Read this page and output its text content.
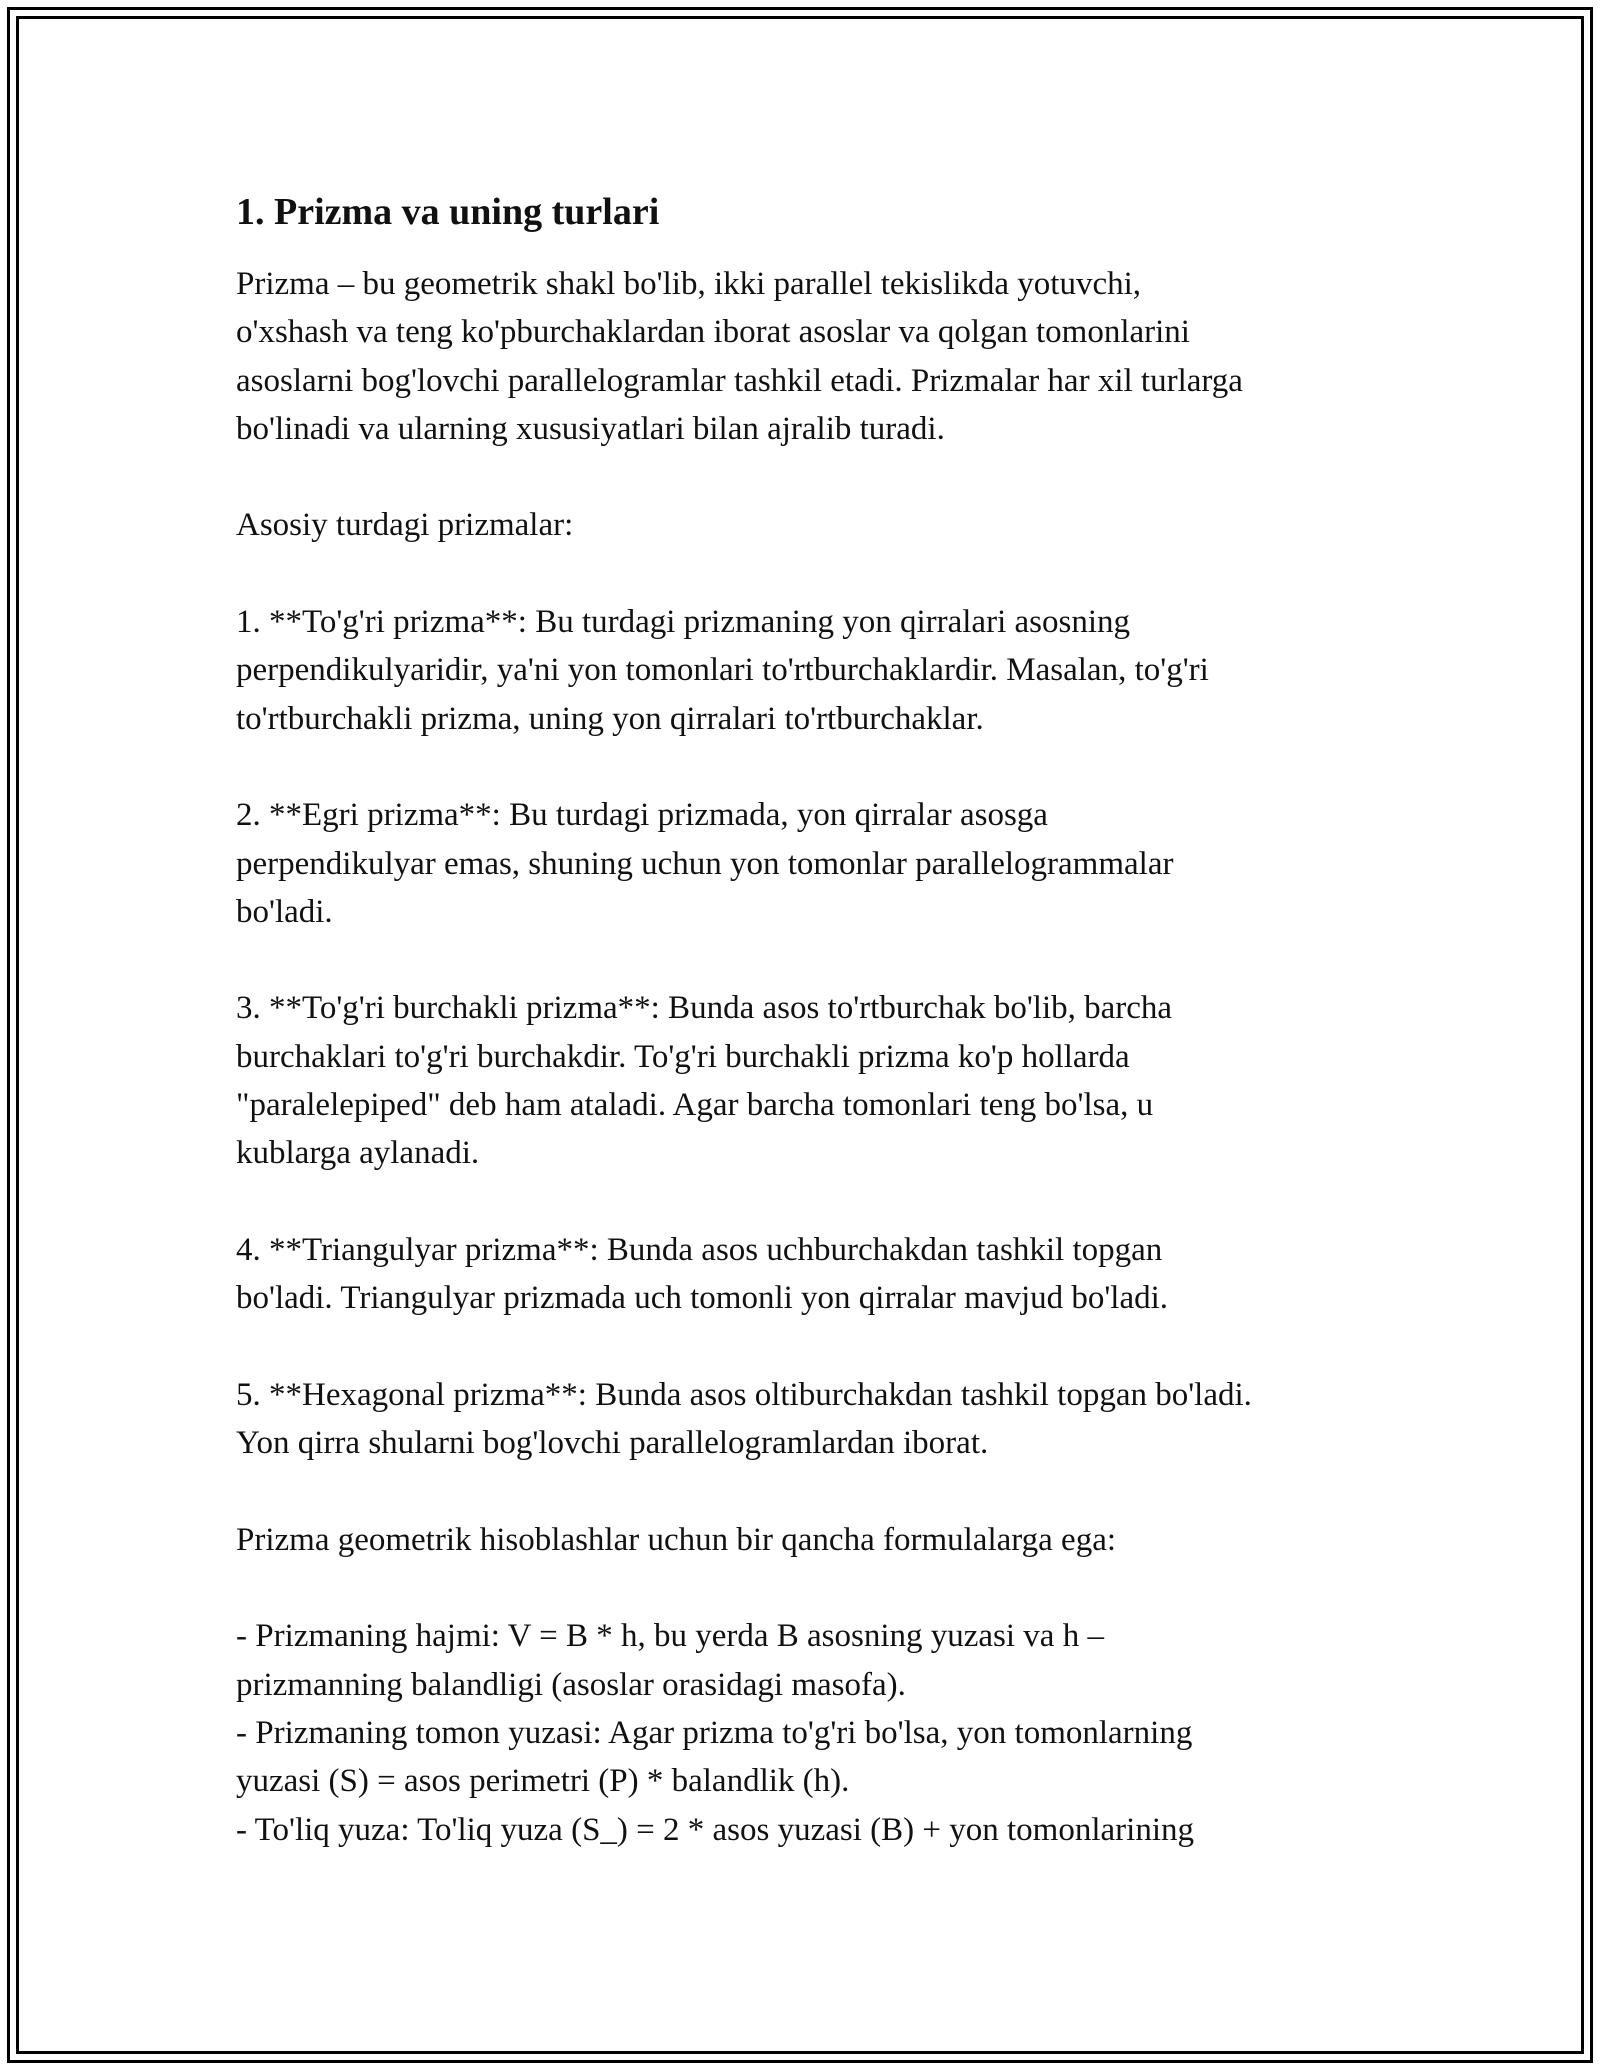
1. Prizma va uning turlari

Prizma – bu geometrik shakl bo'lib, ikki parallel tekislikda yotuvchi,
o'xshash va teng ko'pburchaklardan iborat asoslar va qolgan tomonlarini
asoslarni bog'lovchi parallelogramlar tashkil etadi. Prizmalar har xil turlarga
bo'linadi va ularning xususiyatlari bilan ajralib turadi.

Asosiy turdagi prizmalar:

1. **To'g'ri prizma**: Bu turdagi prizmaning yon qirralari asosning
perpendikulyaridir, ya'ni yon tomonlari to'rtburchaklardir. Masalan, to'g'ri
to'rtburchakli prizma, uning yon qirralari to'rtburchaklar.

2. **Egri prizma**: Bu turdagi prizmada, yon qirralar asosga
perpendikulyar emas, shuning uchun yon tomonlar parallelogrammalar
bo'ladi.

3. **To'g'ri burchakli prizma**: Bunda asos to'rtburchak bo'lib, barcha
burchaklari to'g'ri burchakdir. To'g'ri burchakli prizma ko'p hollarda
"paralelepiped" deb ham ataladi. Agar barcha tomonlari teng bo'lsa, u
kublarga aylanadi.

4. **Triangulyar prizma**: Bunda asos uchburchakdan tashkil topgan
bo'ladi. Triangulyar prizmada uch tomonli yon qirralar mavjud bo'ladi.

5. **Hexagonal prizma**: Bunda asos oltiburchakdan tashkil topgan bo'ladi.
Yon qirra shularni bog'lovchi parallelogramlardan iborat.

Prizma geometrik hisoblashlar uchun bir qancha formulalarga ega:

- Prizmaning hajmi: V = B * h, bu yerda B asosning yuzasi va h –
prizmanning balandligi (asoslar orasidagi masofa).
- Prizmaning tomon yuzasi: Agar prizma to'g'ri bo'lsa, yon tomonlarning
yuzasi (S) = asos perimetri (P) * balandlik (h).
- To'liq yuza: To'liq yuza (S_) = 2 * asos yuzasi (B) + yon tomonlarining
